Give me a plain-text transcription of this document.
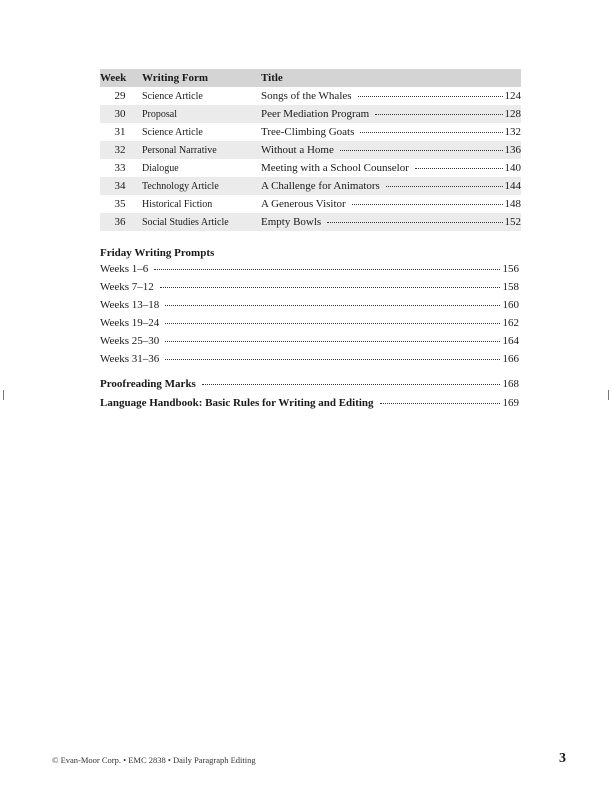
Week	Writing Form	Title
29	Science Article	Songs of the Whales 124

30	Proposal	Peer Mediation Program 128

31	Science Article	Tree-Climbing Goats 132

32	Personal Narrative	Without a Home 136

33	Dialogue	Meeting with a School Counselor 140

34	Technology Article	A Challenge for Animators 144

35	Historical Fiction	A Generous Visitor 148

36	Social Studies Article	Empty Bowls 152
Friday Writing Prompts
Weeks 1–6	156
Weeks 7–12	158
Weeks 13–18	160
Weeks 19–24	162
Weeks 25–30	164
Weeks 31–36	166
Proofreading Marks	168
Language Handbook: Basic Rules for Writing and Editing	169
© Evan-Moor Corp. • EMC 2838 • Daily Paragraph Editing	3
